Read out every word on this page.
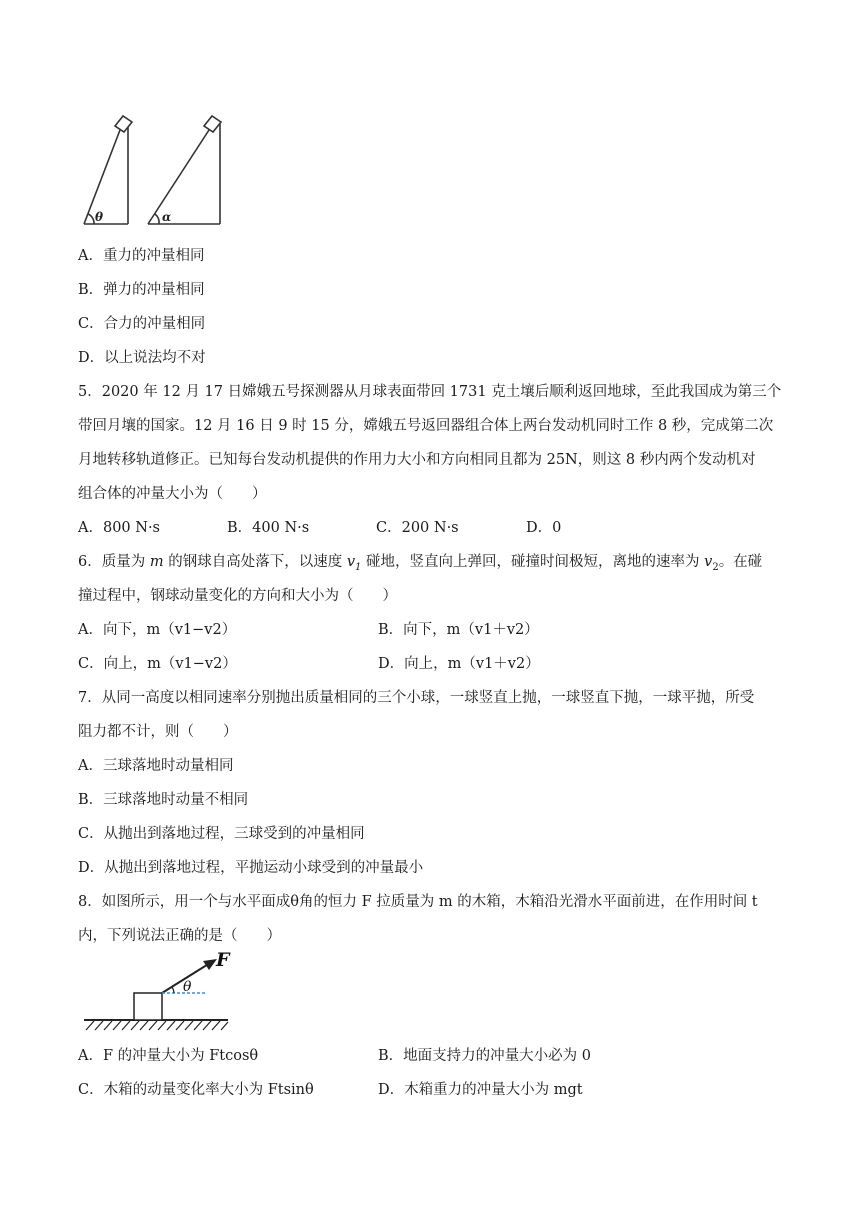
θ	α
A．重力的冲量相同
B．弹力的冲量相同
C．合力的冲量相同
D．以上说法均不对
5．2020 年 12 月 17 日嫦娥五号探测器从月球表面带回 1731 克土壤后顺利返回地球，至此我国成为第三个
带回月壤的国家。12 月 16 日 9 时 15 分，嫦娥五号返回器组合体上两台发动机同时工作 8 秒，完成第二次
月地转移轨道修正。已知每台发动机提供的作用力大小和方向相同且都为 25N，则这 8 秒内两个发动机对
组合体的冲量大小为（　　）
A．800 N·s	B．400 N·s	C．200 N·s	D．0
6．质量为 m 的钢球自高处落下，以速度 $v_1$ 碰地，竖直向上弹回，碰撞时间极短，离地的速率为 $v_2$。在碰
撞过程中，钢球动量变化的方向和大小为（　　）
A．向下，m（v1−v2）	B．向下，m（v1＋v2）
C．向上，m（v1−v2）	D．向上，m（v1＋v2）
7．从同一高度以相同速率分别抛出质量相同的三个小球，一球竖直上抛，一球竖直下抛，一球平抛，所受
阻力都不计，则（　　）
A．三球落地时动量相同
B．三球落地时动量不相同
C．从抛出到落地过程，三球受到的冲量相同
D．从抛出到落地过程，平抛运动小球受到的冲量最小
8．如图所示，用一个与水平面成θ角的恒力 F 拉质量为 m 的木箱，木箱沿光滑水平面前进，在作用时间 t
内，下列说法正确的是（　　）
F
θ
A．F 的冲量大小为 Ftcosθ	B．地面支持力的冲量大小必为 0
C．木箱的动量变化率大小为 Ftsinθ	D．木箱重力的冲量大小为 mgt
